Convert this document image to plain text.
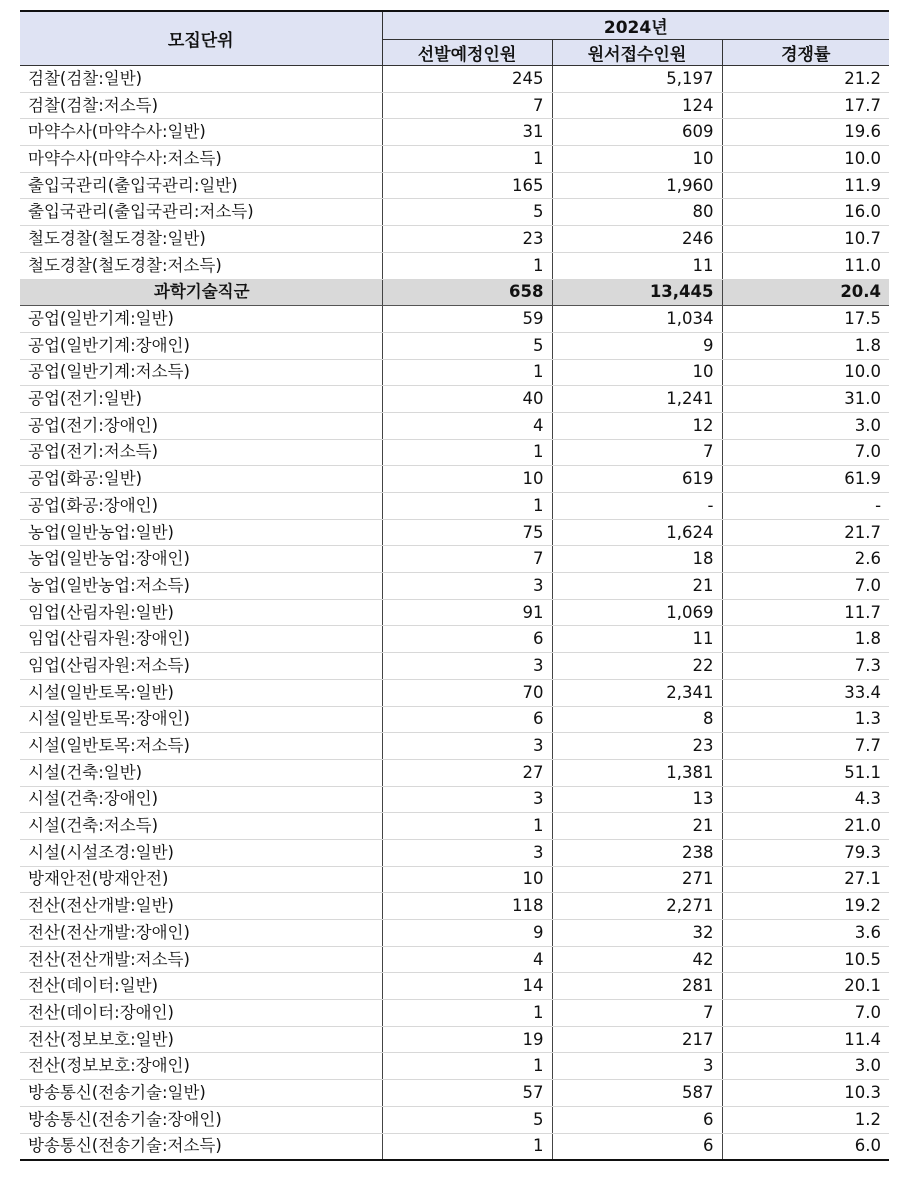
모집단위	2024년		
	선발예정인원	원서접수인원	경쟁률
검찰(검찰:일반)	245	5,197	21.2
검찰(검찰:저소득)	7	124	17.7
마약수사(마약수사:일반)	31	609	19.6
마약수사(마약수사:저소득)	1	10	10.0
출입국관리(출입국관리:일반)	165	1,960	11.9
출입국관리(출입국관리:저소득)	5	80	16.0
철도경찰(철도경찰:일반)	23	246	10.7
철도경찰(철도경찰:저소득)	1	11	11.0
과학기술직군	658	13,445	20.4
공업(일반기계:일반)	59	1,034	17.5
공업(일반기계:장애인)	5	9	1.8
공업(일반기계:저소득)	1	10	10.0
공업(전기:일반)	40	1,241	31.0
공업(전기:장애인)	4	12	3.0
공업(전기:저소득)	1	7	7.0
공업(화공:일반)	10	619	61.9
공업(화공:장애인)	1	-	-
농업(일반농업:일반)	75	1,624	21.7
농업(일반농업:장애인)	7	18	2.6
농업(일반농업:저소득)	3	21	7.0
임업(산림자원:일반)	91	1,069	11.7
임업(산림자원:장애인)	6	11	1.8
임업(산림자원:저소득)	3	22	7.3
시설(일반토목:일반)	70	2,341	33.4
시설(일반토목:장애인)	6	8	1.3
시설(일반토목:저소득)	3	23	7.7
시설(건축:일반)	27	1,381	51.1
시설(건축:장애인)	3	13	4.3
시설(건축:저소득)	1	21	21.0
시설(시설조경:일반)	3	238	79.3
방재안전(방재안전)	10	271	27.1
전산(전산개발:일반)	118	2,271	19.2
전산(전산개발:장애인)	9	32	3.6
전산(전산개발:저소득)	4	42	10.5
전산(데이터:일반)	14	281	20.1
전산(데이터:장애인)	1	7	7.0
전산(정보보호:일반)	19	217	11.4
전산(정보보호:장애인)	1	3	3.0
방송통신(전송기술:일반)	57	587	10.3
방송통신(전송기술:장애인)	5	6	1.2
방송통신(전송기술:저소득)	1	6	6.0
